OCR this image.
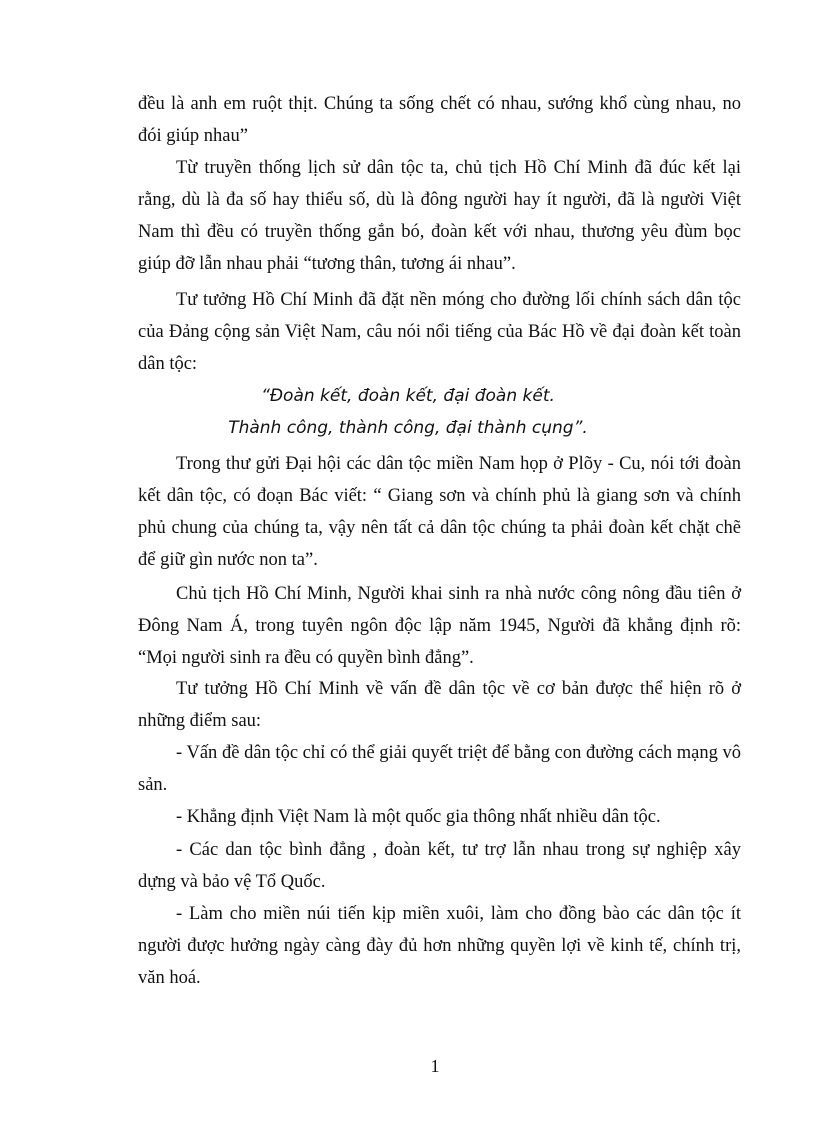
đều là anh em ruột thịt. Chúng ta sống chết có nhau, sướng khổ cùng nhau, no đói giúp nhau”

Từ truyền thống lịch sử dân tộc ta, chủ tịch Hồ Chí Minh đã đúc kết lại rằng, dù là đa số hay thiểu số, dù là đông người hay ít người, đã là người Việt Nam thì đều có truyền thống gắn bó, đoàn kết với nhau, thương yêu đùm bọc giúp đỡ lẫn nhau phải “tương thân, tương ái nhau”.

Tư tưởng Hồ Chí Minh đã đặt nền móng cho đường lối chính sách dân tộc của Đảng cộng sản Việt Nam, câu nói nổi tiếng của Bác Hồ về đại đoàn kết toàn dân tộc:

“Đoàn kết, đoàn kết, đại đoàn kết.
Thành công, thành công, đại thành cụng”.

Trong thư gửi Đại hội các dân tộc miền Nam họp ở Plõy - Cu, nói tới đoàn kết dân tộc, có đoạn Bác viết: “ Giang sơn và chính phủ là giang sơn và chính phủ chung của chúng ta, vậy nên tất cả dân tộc chúng ta phải đoàn kết chặt chẽ để giữ gìn nước non ta”.

Chủ tịch Hồ Chí Minh, Người khai sinh ra nhà nước công nông đầu tiên ở Đông Nam Á, trong tuyên ngôn độc lập năm 1945, Người đã khẳng định rõ: “Mọi người sinh ra đều có quyền bình đẳng”.

Tư tưởng Hồ Chí Minh về vấn đề dân tộc về cơ bản được thể hiện rõ ở những điểm sau:

- Vấn đề dân tộc chỉ có thể giải quyết triệt để bằng con đường cách mạng vô sản.

- Khẳng định Việt Nam là một quốc gia thông nhất nhiều dân tộc.

- Các dan tộc bình đẳng , đoàn kết, tư trợ lẫn nhau trong sự nghiệp xây dựng và bảo vệ Tổ Quốc.

- Làm cho miền núi tiến kịp miền xuôi, làm cho đồng bào các dân tộc ít người được hưởng ngày càng đày đủ hơn những quyền lợi về kinh tế, chính trị, văn hoá.

1
